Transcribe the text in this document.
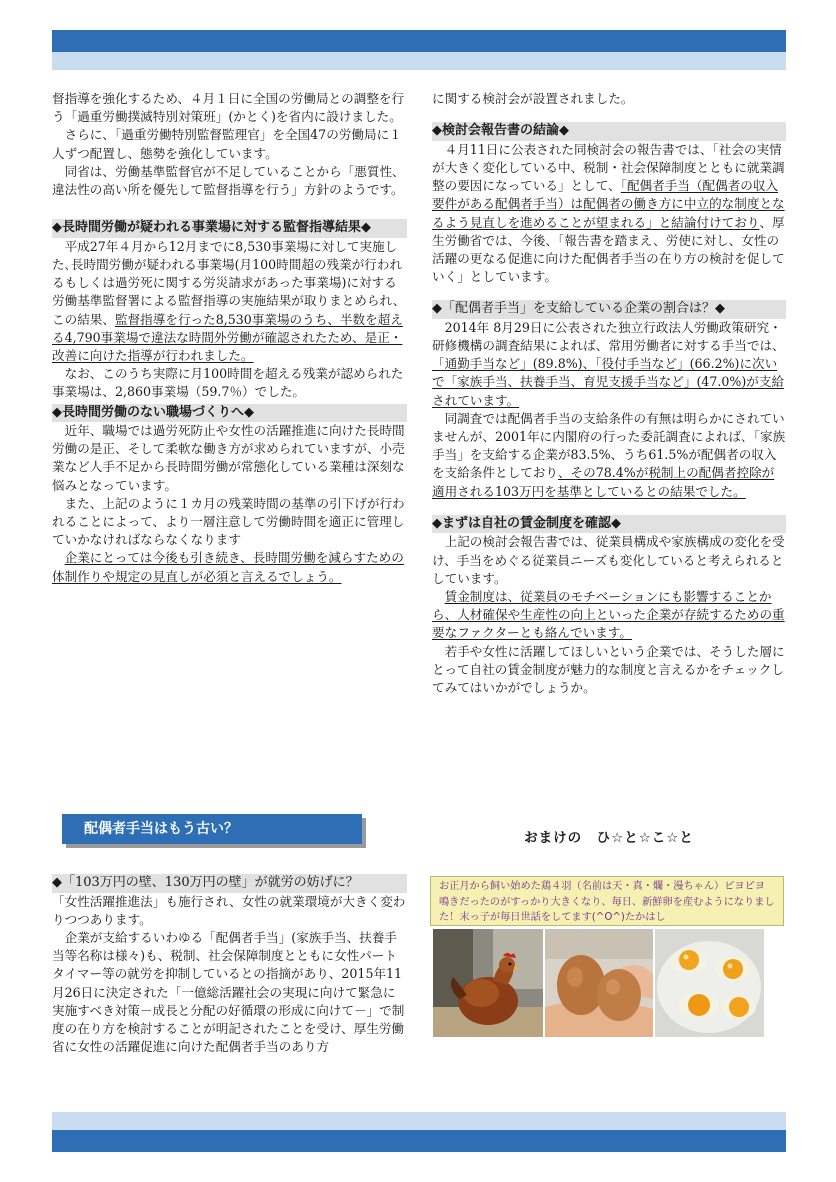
督指導を強化するため、４月１日に全国の労働局との調整を行う「過重労働撲滅特別対策班」(かとく)を省内に設けました。

さらに、「過重労働特別監督監理官」を全国47の労働局に１人ずつ配置し、態勢を強化しています。

同省は、労働基準監督官が不足していることから「悪質性、違法性の高い所を優先して監督指導を行う」方針のようです。

◆長時間労働が疑われる事業場に対する監督指導結果◆

平成27年４月から12月までに8,530事業場に対して実施した､長時間労働が疑われる事業場(月100時間超の残業が行われるもしくは過労死に関する労災請求があった事業場)に対する労働基準監督署による監督指導の実施結果が取りまとめられ、この結果、監督指導を行った8,530事業場のうち、半数を超える4,790事業場で違法な時間外労働が確認されたため、是正・改善に向けた指導が行われました。

なお、このうち実際に月100時間を超える残業が認められた事業場は、2,860事業場（59.7％）でした。

◆長時間労働のない職場づくりへ◆

近年、職場では過労死防止や女性の活躍推進に向けた長時間労働の是正、そして柔軟な働き方が求められていますが、小売業など人手不足から長時間労働が常態化している業種は深刻な悩みとなっています。

また、上記のように１カ月の残業時間の基準の引下げが行われることによって、より一層注意して労働時間を適正に管理していかなければならなくなります

企業にとっては今後も引き続き、長時間労働を減らすための体制作りや規定の見直しが必須と言えるでしょう。

配偶者手当はもう古い？
◆「103万円の壁、130万円の壁」が就労の妨げに？

「女性活躍推進法」も施行され、女性の就業環境が大きく変わりつつあります。

企業が支給するいわゆる「配偶者手当」(家族手当、扶養手当等名称は様々)も、税制、社会保障制度とともに女性パートタイマー等の就労を抑制しているとの指摘があり、2015年11月26日に決定された「一億総活躍社会の実現に向けて緊急に実施すべき対策－成長と分配の好循環の形成に向けて－」で制度の在り方を検討することが明記されたことを受け、厚生労働省に女性の活躍促進に向けた配偶者手当のあり方

に関する検討会が設置されました。

◆検討会報告書の結論◆

４月11日に公表された同検討会の報告書では、「社会の実情が大きく変化している中、税制・社会保障制度とともに就業調整の要因になっている」として、「配偶者手当（配偶者の収入要件がある配偶者手当）は配偶者の働き方に中立的な制度となるよう見直しを進めることが望まれる」と結論付けており、厚生労働省では、今後、「報告書を踏まえ、労使に対し、女性の活躍の更なる促進に向けた配偶者手当の在り方の検討を促していく」としています。

◆「配偶者手当」を支給している企業の割合は？◆

2014年 8月29日に公表された独立行政法人労働政策研究・研修機構の調査結果によれば、常用労働者に対する手当では、「通勤手当など」(89.8%)、「役付手当など」(66.2%)に次いで「家族手当、扶養手当、育児支援手当など」(47.0%)が支給されています。

同調査では配偶者手当の支給条件の有無は明らかにされていませんが、2001年に内閣府の行った委託調査によれば､「家族手当」を支給する企業が83.5%、うち61.5%が配偶者の収入を支給条件としており、その78.4%が税制上の配偶者控除が適用される103万円を基準としているとの結果でした。

◆まずは自社の賃金制度を確認◆

上記の検討会報告書では、従業員構成や家族構成の変化を受け、手当をめぐる従業員ニーズも変化していると考えられるとしています。

賃金制度は、従業員のモチベーションにも影響することから、人材確保や生産性の向上といった企業が存続するための重要なファクターとも絡んでいます。

若手や女性に活躍してほしいという企業では、そうした層にとって自社の賃金制度が魅力的な制度と言えるかをチェックしてみてはいかがでしょうか。

おまけの　ひ☆と☆こ☆と
お正月から飼い始めた鶏４羽（名前は天・真・爛・漫ちゃん）ピヨピヨ鳴きだったのがすっかり大きくなり、毎日、新鮮卵を産むようになりました！末っ子が毎日世話をしてます(^O^)たかはし
